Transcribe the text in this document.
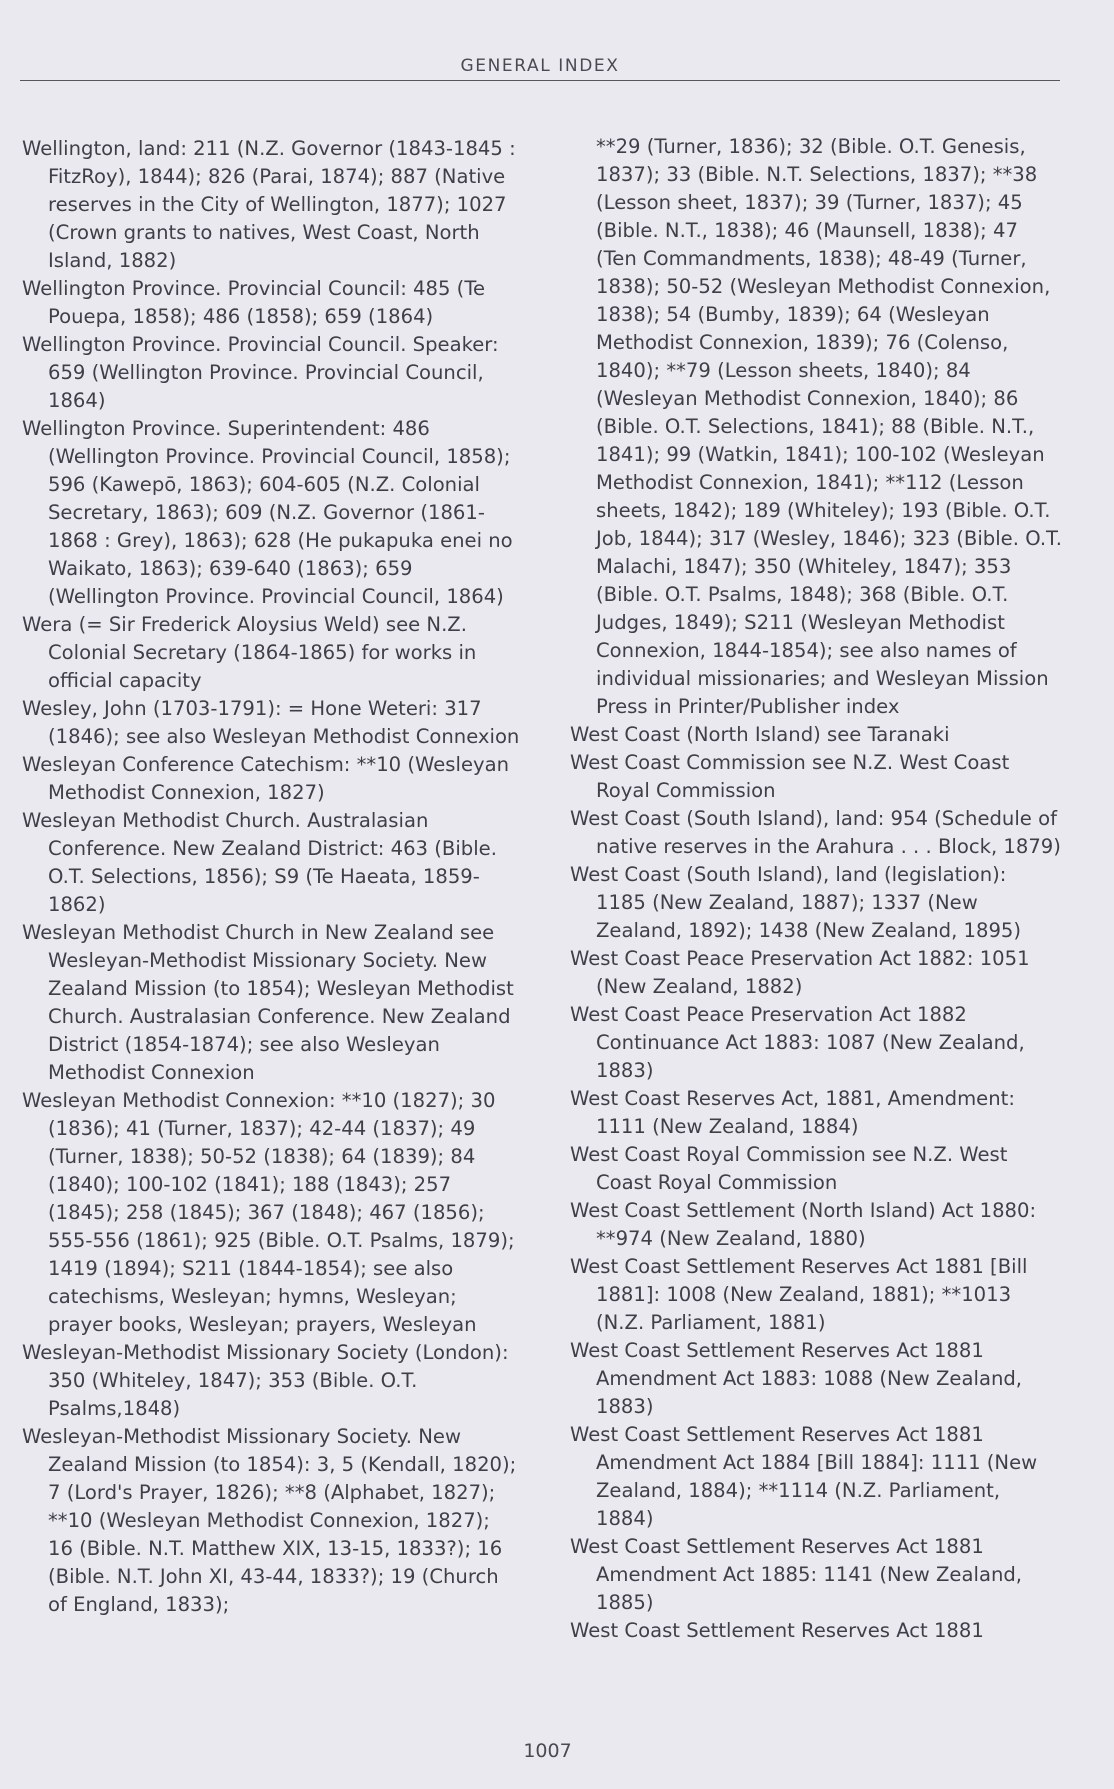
GENERAL INDEX

Wellington, land: 211 (N.Z. Governor (1843-1845 : FitzRoy), 1844); 826 (Parai, 1874); 887 (Native reserves in the City of Wellington, 1877); 1027 (Crown grants to natives, West Coast, North Island, 1882)

Wellington Province. Provincial Council: 485 (Te Pouepa, 1858); 486 (1858); 659 (1864)

Wellington Province. Provincial Council. Speaker: 659 (Wellington Province. Provincial Council, 1864)

Wellington Province. Superintendent: 486 (Wellington Province. Provincial Council, 1858); 596 (Kawepō, 1863); 604-605 (N.Z. Colonial Secretary, 1863); 609 (N.Z. Governor (1861-1868 : Grey), 1863); 628 (He pukapuka enei no Waikato, 1863); 639-640 (1863); 659 (Wellington Province. Provincial Council, 1864)

Wera (= Sir Frederick Aloysius Weld) see N.Z. Colonial Secretary (1864-1865) for works in official capacity

Wesley, John (1703-1791): = Hone Weteri: 317 (1846); see also Wesleyan Methodist Connexion

Wesleyan Conference Catechism: **10 (Wesleyan Methodist Connexion, 1827)

Wesleyan Methodist Church. Australasian Conference. New Zealand District: 463 (Bible. O.T. Selections, 1856); S9 (Te Haeata, 1859-1862)

Wesleyan Methodist Church in New Zealand see Wesleyan-Methodist Missionary Society. New Zealand Mission (to 1854); Wesleyan Methodist Church. Australasian Conference. New Zealand District (1854-1874); see also Wesleyan Methodist Connexion

Wesleyan Methodist Connexion: **10 (1827); 30 (1836); 41 (Turner, 1837); 42-44 (1837); 49 (Turner, 1838); 50-52 (1838); 64 (1839); 84 (1840); 100-102 (1841); 188 (1843); 257 (1845); 258 (1845); 367 (1848); 467 (1856); 555-556 (1861); 925 (Bible. O.T. Psalms, 1879); 1419 (1894); S211 (1844-1854); see also catechisms, Wesleyan; hymns, Wesleyan; prayer books, Wesleyan; prayers, Wesleyan

Wesleyan-Methodist Missionary Society (London): 350 (Whiteley, 1847); 353 (Bible. O.T. Psalms,1848)

Wesleyan-Methodist Missionary Society. New Zealand Mission (to 1854): 3, 5 (Kendall, 1820); 7 (Lord's Prayer, 1826); **8 (Alphabet, 1827); **10 (Wesleyan Methodist Connexion, 1827); 16 (Bible. N.T. Matthew XIX, 13-15, 1833?); 16 (Bible. N.T. John XI, 43-44, 1833?); 19 (Church of England, 1833);

**29 (Turner, 1836); 32 (Bible. O.T. Genesis, 1837); 33 (Bible. N.T. Selections, 1837); **38 (Lesson sheet, 1837); 39 (Turner, 1837); 45 (Bible. N.T., 1838); 46 (Maunsell, 1838); 47 (Ten Commandments, 1838); 48-49 (Turner, 1838); 50-52 (Wesleyan Methodist Connexion, 1838); 54 (Bumby, 1839); 64 (Wesleyan Methodist Connexion, 1839); 76 (Colenso, 1840); **79 (Lesson sheets, 1840); 84 (Wesleyan Methodist Connexion, 1840); 86 (Bible. O.T. Selections, 1841); 88 (Bible. N.T., 1841); 99 (Watkin, 1841); 100-102 (Wesleyan Methodist Connexion, 1841); **112 (Lesson sheets, 1842); 189 (Whiteley); 193 (Bible. O.T. Job, 1844); 317 (Wesley, 1846); 323 (Bible. O.T. Malachi, 1847); 350 (Whiteley, 1847); 353 (Bible. O.T. Psalms, 1848); 368 (Bible. O.T. Judges, 1849); S211 (Wesleyan Methodist Connexion, 1844-1854); see also names of individual missionaries; and Wesleyan Mission Press in Printer/Publisher index

West Coast (North Island) see Taranaki

West Coast Commission see N.Z. West Coast Royal Commission

West Coast (South Island), land: 954 (Schedule of native reserves in the Arahura . . . Block, 1879)

West Coast (South Island), land (legislation): 1185 (New Zealand, 1887); 1337 (New Zealand, 1892); 1438 (New Zealand, 1895)

West Coast Peace Preservation Act 1882: 1051 (New Zealand, 1882)

West Coast Peace Preservation Act 1882 Continuance Act 1883: 1087 (New Zealand, 1883)

West Coast Reserves Act, 1881, Amendment: 1111 (New Zealand, 1884)

West Coast Royal Commission see N.Z. West Coast Royal Commission

West Coast Settlement (North Island) Act 1880: **974 (New Zealand, 1880)

West Coast Settlement Reserves Act 1881 [Bill 1881]: 1008 (New Zealand, 1881); **1013 (N.Z. Parliament, 1881)

West Coast Settlement Reserves Act 1881 Amendment Act 1883: 1088 (New Zealand, 1883)

West Coast Settlement Reserves Act 1881 Amendment Act 1884 [Bill 1884]: 1111 (New Zealand, 1884); **1114 (N.Z. Parliament, 1884)

West Coast Settlement Reserves Act 1881 Amendment Act 1885: 1141 (New Zealand, 1885)

West Coast Settlement Reserves Act 1881

1007
